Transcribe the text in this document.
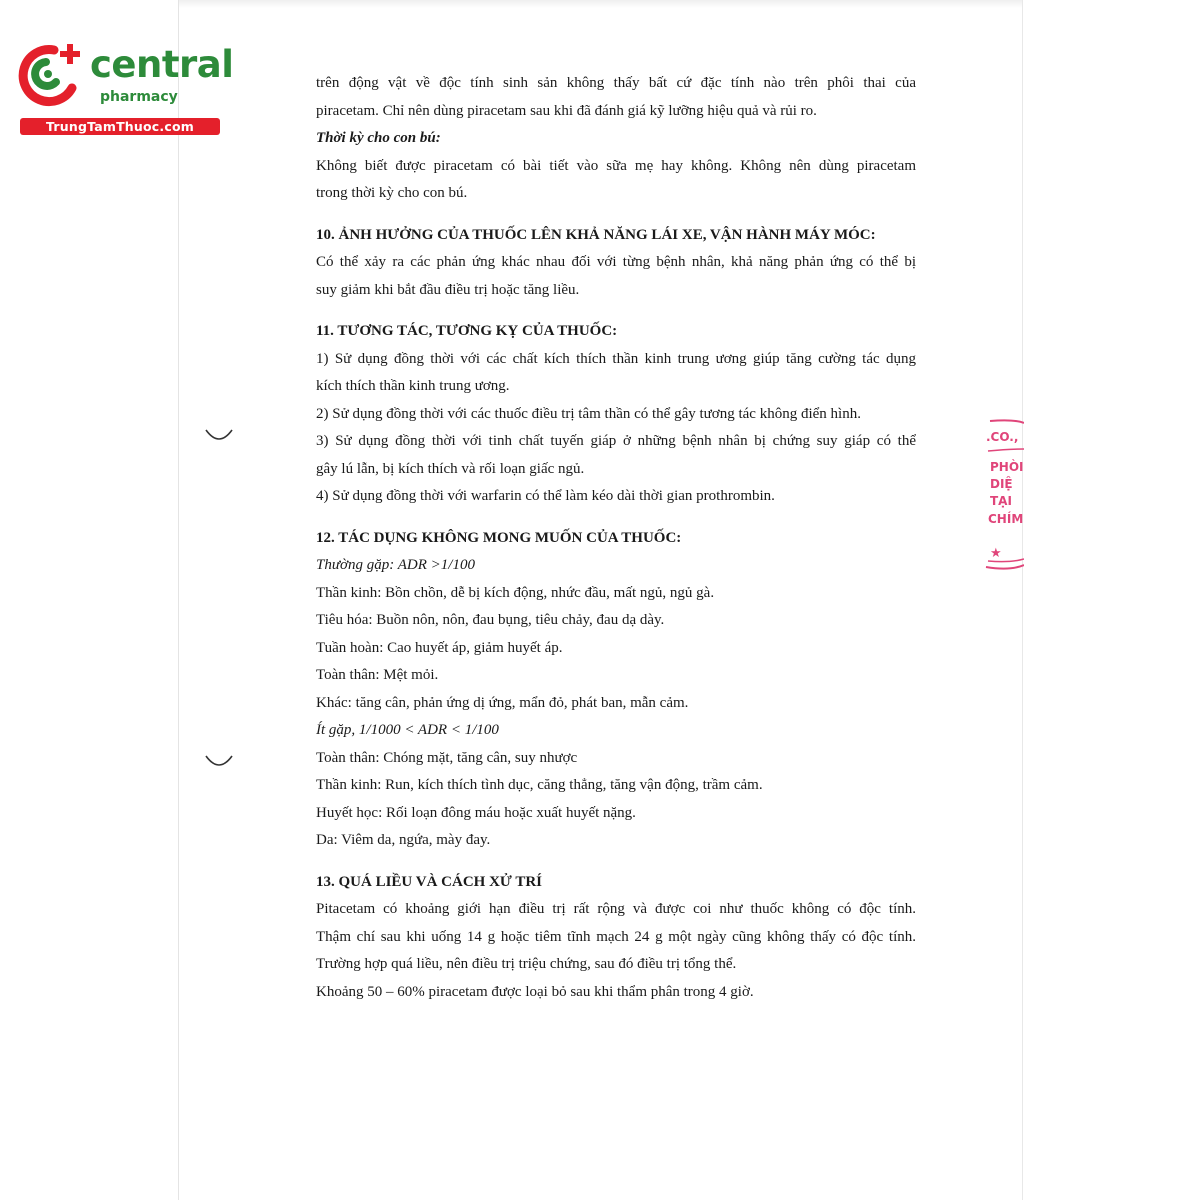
central
pharmacy
TrungTamThuoc.com
.CO.,
PHÒI
DIỆ
TẠI
CHÍM
★

trên động vật về độc tính sinh sản không thấy bất cứ đặc tính nào trên phôi thai của

piracetam. Chỉ nên dùng piracetam sau khi đã đánh giá kỹ lưỡng hiệu quả và rủi ro.

Thời kỳ cho con bú:

Không biết được piracetam có bài tiết vào sữa mẹ hay không. Không nên dùng piracetam

trong thời kỳ cho con bú.

10. ẢNH HƯỞNG CỦA THUỐC LÊN KHẢ NĂNG LÁI XE, VẬN HÀNH MÁY MÓC:

Có thể xảy ra các phản ứng khác nhau đối với từng bệnh nhân, khả năng phản ứng có thể bị

suy giảm khi bắt đầu điều trị hoặc tăng liều.

11. TƯƠNG TÁC, TƯƠNG KỴ CỦA THUỐC:

1) Sử dụng đồng thời với các chất kích thích thần kinh trung ương giúp tăng cường tác dụng

kích thích thần kinh trung ương.

2) Sử dụng đồng thời với các thuốc điều trị tâm thần có thể gây tương tác không điển hình.

3) Sử dụng đồng thời với tinh chất tuyến giáp ở những bệnh nhân bị chứng suy giáp có thể

gây lú lẫn, bị kích thích và rối loạn giấc ngủ.

4) Sử dụng đồng thời với warfarin có thể làm kéo dài thời gian prothrombin.

12. TÁC DỤNG KHÔNG MONG MUỐN CỦA THUỐC:

Thường gặp: ADR >1/100

Thần kinh: Bồn chồn, dễ bị kích động, nhức đầu, mất ngủ, ngủ gà.

Tiêu hóa: Buồn nôn, nôn, đau bụng, tiêu chảy, đau dạ dày.

Tuần hoàn: Cao huyết áp, giảm huyết áp.

Toàn thân: Mệt mỏi.

Khác: tăng cân, phản ứng dị ứng, mẩn đỏ, phát ban, mẫn cảm.

Ít gặp, 1/1000 < ADR < 1/100

Toàn thân: Chóng mặt, tăng cân, suy nhược

Thần kinh: Run, kích thích tình dục, căng thẳng, tăng vận động, trầm cảm.

Huyết học: Rối loạn đông máu hoặc xuất huyết nặng.

Da: Viêm da, ngứa, mày đay.

13. QUÁ LIỀU VÀ CÁCH XỬ TRÍ

Pitacetam có khoảng giới hạn điều trị rất rộng và được coi như thuốc không có độc tính.

Thậm chí sau khi uống 14 g hoặc tiêm tĩnh mạch 24 g một ngày cũng không thấy có độc tính.

Trường hợp quá liều, nên điều trị triệu chứng, sau đó điều trị tổng thể.

Khoảng 50 – 60% piracetam được loại bỏ sau khi thẩm phân trong 4 giờ.
